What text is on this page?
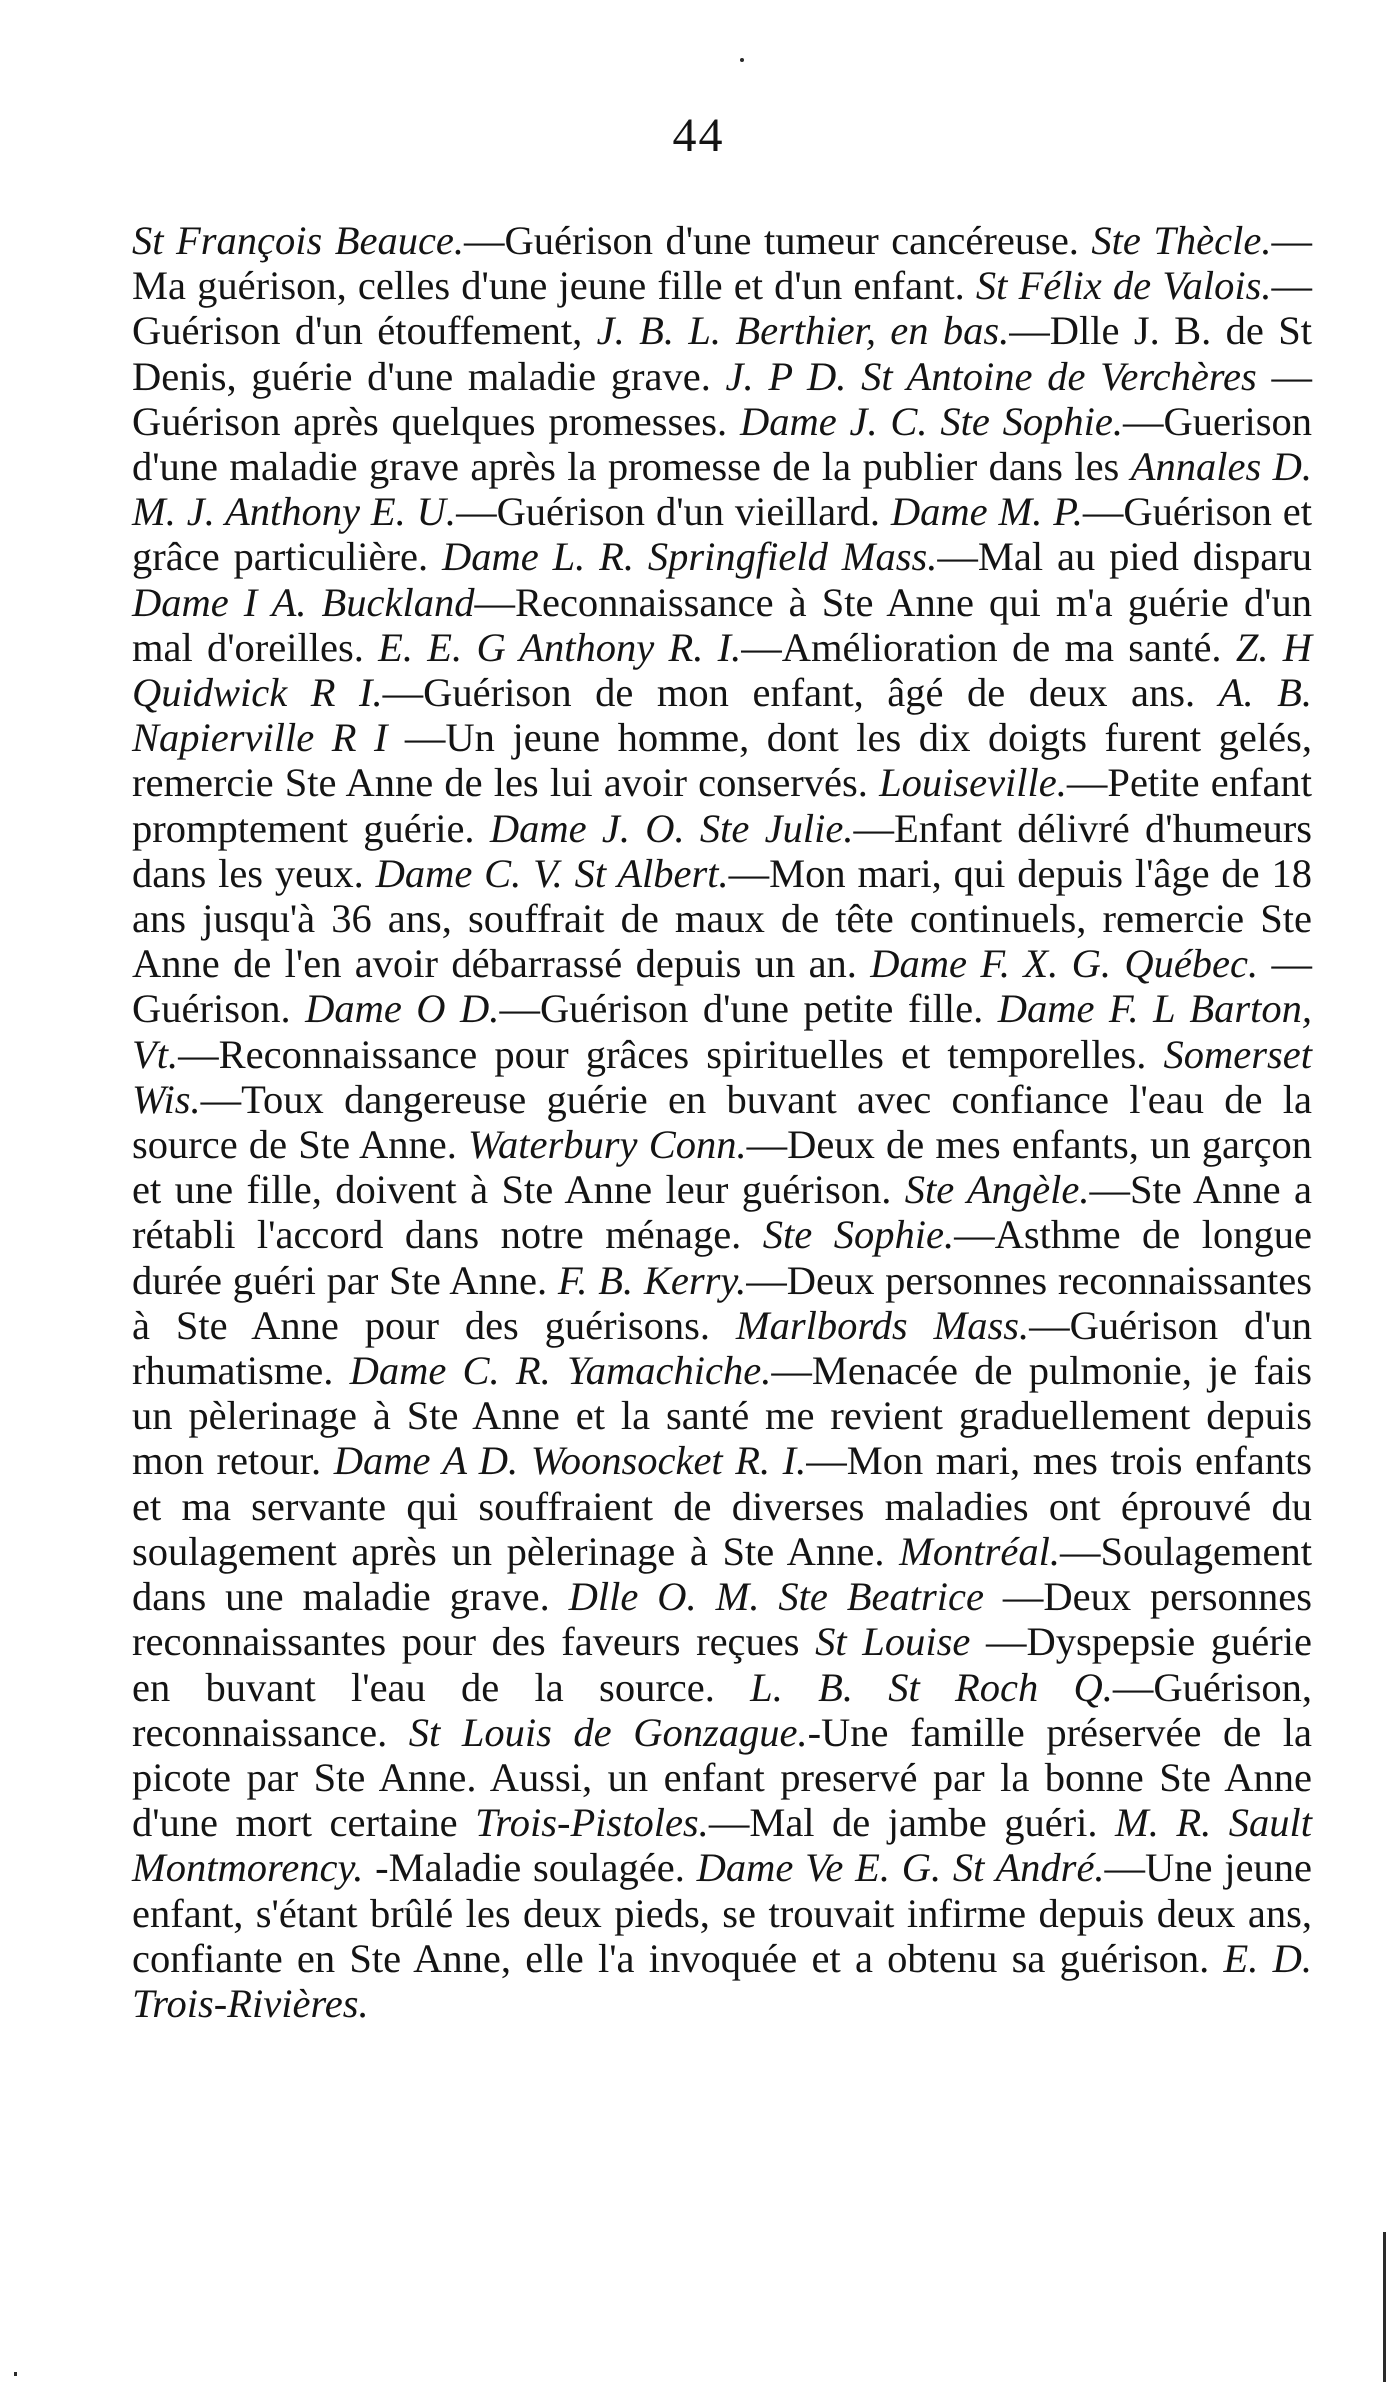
44
St François Beauce.—Guérison d'une tumeur cancéreuse. Ste Thècle.—Ma guérison, celles d'une jeune fille et d'un enfant. St Félix de Valois.—Guérison d'un étouffement, J. B. L. Berthier, en bas.—Dlle J. B. de St Denis, guérie d'une maladie grave. J. P D. St Antoine de Verchères —Guérison après quelques promesses. Dame J. C. Ste Sophie.—Guerison d'une maladie grave après la promesse de la publier dans les Annales D. M. J. Anthony E. U.—Guérison d'un vieillard. Dame M. P.—Guérison et grâce particulière. Dame L. R. Springfield Mass.—Mal au pied disparu Dame I A. Buckland—Reconnaissance à Ste Anne qui m'a guérie d'un mal d'oreilles. E. E. G Anthony R. I.—Amélioration de ma santé. Z. H Quidwick R I.—Guérison de mon enfant, âgé de deux ans. A. B. Napierville R I —Un jeune homme, dont les dix doigts furent gelés, remercie Ste Anne de les lui avoir conservés. Louiseville.—Petite enfant promptement guérie. Dame J. O. Ste Julie.—Enfant délivré d'humeurs dans les yeux. Dame C. V. St Albert.—Mon mari, qui depuis l'âge de 18 ans jusqu'à 36 ans, souffrait de maux de tête continuels, remercie Ste Anne de l'en avoir débarrassé depuis un an. Dame F. X. G. Québec. —Guérison. Dame O D.—Guérison d'une petite fille. Dame F. L Barton, Vt.—Reconnaissance pour grâces spirituelles et temporelles. Somerset Wis.—Toux dangereuse guérie en buvant avec confiance l'eau de la source de Ste Anne. Waterbury Conn.—Deux de mes enfants, un garçon et une fille, doivent à Ste Anne leur guérison. Ste Angèle.—Ste Anne a rétabli l'accord dans notre ménage. Ste Sophie.—Asthme de longue durée guéri par Ste Anne. F. B. Kerry.—Deux personnes reconnaissantes à Ste Anne pour des guérisons. Marlbords Mass.—Guérison d'un rhumatisme. Dame C. R. Yamachiche.—Menacée de pulmonie, je fais un pèlerinage à Ste Anne et la santé me revient graduellement depuis mon retour. Dame A D. Woonsocket R. I.—Mon mari, mes trois enfants et ma servante qui souffraient de diverses maladies ont éprouvé du soulagement après un pèlerinage à Ste Anne. Montréal.—Soulagement dans une maladie grave. Dlle O. M. Ste Beatrice —Deux personnes reconnaissantes pour des faveurs reçues St Louise —Dyspepsie guérie en buvant l'eau de la source. L. B. St Roch Q.—Guérison, reconnaissance. St Louis de Gonzague.-Une famille préservée de la picote par Ste Anne. Aussi, un enfant preservé par la bonne Ste Anne d'une mort certaine Trois-Pistoles.—Mal de jambe guéri. M. R. Sault Montmorency. -Maladie soulagée. Dame Ve E. G. St André.—Une jeune enfant, s'étant brûlé les deux pieds, se trouvait infirme depuis deux ans, confiante en Ste Anne, elle l'a invoquée et a obtenu sa guérison. E. D. Trois-Rivières.
